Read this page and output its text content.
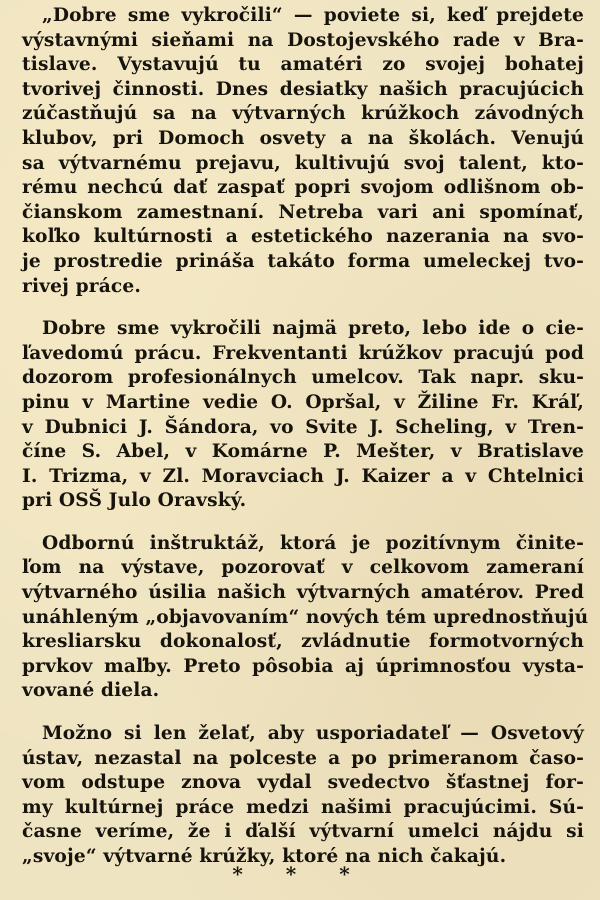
„Dobre sme vykročili“ — poviete si, keď prejdete
výstavnými sieňami na Dostojevského rade v Bra-
tislave. Vystavujú tu amatéri zo svojej bohatej
tvorivej činnosti. Dnes desiatky našich pracujúcich
zúčastňujú sa na výtvarných krúžkoch závodných
klubov, pri Domoch osvety a na školách. Venujú
sa výtvarnému prejavu, kultivujú svoj talent, kto-
rému nechcú dať zaspať popri svojom odlišnom ob-
čianskom zamestnaní. Netreba vari ani spomínať,
koľko kultúrnosti a estetického nazerania na svo-
je prostredie prináša takáto forma umeleckej tvo-
rivej práce.

Dobre sme vykročili najmä preto, lebo ide o cie-
ľavedomú prácu. Frekventanti krúžkov pracujú pod
dozorom profesionálnych umelcov. Tak napr. sku-
pinu v Martine vedie O. Opršal, v Žiline Fr. Kráľ,
v Dubnici J. Šándora, vo Svite J. Scheling, v Tren-
číne S. Abel, v Komárne P. Mešter, v Bratislave
I. Trizma, v Zl. Moravciach J. Kaizer a v Chtelnici
pri OSŠ Julo Oravský.

Odbornú inštruktáž, ktorá je pozitívnym činite-
ľom na výstave, pozorovať v celkovom zameraní
výtvarného úsilia našich výtvarných amatérov. Pred
unáhleným „objavovaním“ nových tém uprednostňujú
kresliarsku dokonalosť, zvládnutie formotvorných
prvkov maľby. Preto pôsobia aj úprimnosťou vysta-
vované diela.

Možno si len želať, aby usporiadateľ — Osvetový
ústav, nezastal na polceste a po primeranom časo-
vom odstupe znova vydal svedectvo šťastnej for-
my kultúrnej práce medzi našimi pracujúcimi. Sú-
časne veríme, že i ďalší výtvarní umelci nájdu si
„svoje“ výtvarné krúžky, ktoré na nich čakajú.

* * *
